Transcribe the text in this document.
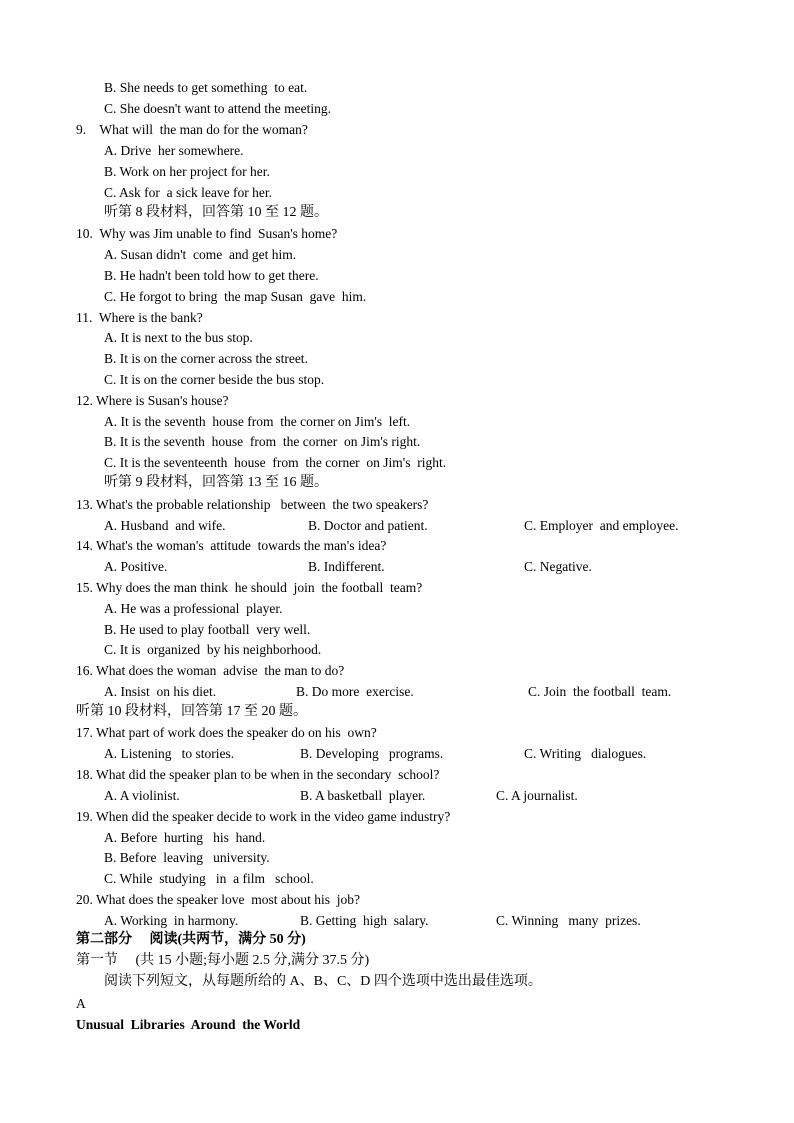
B. She needs to get something  to eat.
C. She doesn't want to attend the meeting.
9.    What will  the man do for the woman?
A. Drive  her somewhere.
B. Work on her project for her.
C. Ask for  a sick leave for her.
听第 8 段材料，回答第 10 至 12 题。
10.  Why was Jim unable to find  Susan's home?
A. Susan didn't  come  and get him.
B. He hadn't been told how to get there.
C. He forgot to bring  the map Susan  gave  him.
11.  Where is the bank?
A. It is next to the bus stop.
B. It is on the corner across the street.
C. It is on the corner beside the bus stop.
12. Where is Susan's house?
A. It is the seventh  house from  the corner on Jim's  left.
B. It is the seventh  house  from  the corner  on Jim's right.
C. It is the seventeenth  house  from  the corner  on Jim's  right.
听第 9 段材料，回答第 13 至 16 题。
13. What's the probable relationship   between  the two speakers?
A. Husband  and wife.	B. Doctor and patient.	C. Employer  and employee.
14. What's the woman's  attitude  towards the man's idea?
A. Positive.	B. Indifferent.	C. Negative.
15. Why does the man think  he should  join  the football  team?
A. He was a professional  player.
B. He used to play football  very well.
C. It is  organized  by his neighborhood.
16. What does the woman  advise  the man to do?
A. Insist  on his diet.	B. Do more  exercise.	C. Join  the football  team.
听第 10 段材料，回答第 17 至 20 题。
17. What part of work does the speaker do on his  own?
A. Listening   to stories.	B. Developing   programs.	C. Writing   dialogues.
18. What did the speaker plan to be when in the secondary  school?
A. A violinist.	B. A basketball  player.	C. A journalist.
19. When did the speaker decide to work in the video game industry?
A. Before  hurting   his  hand.
B. Before  leaving   university.
C. While  studying   in  a film   school.
20. What does the speaker love  most about his  job?
A. Working  in harmony.	B. Getting  high  salary.	C. Winning   many  prizes.
第二部分     阅读(共两节，满分 50 分)
第一节     (共 15 小题;每小题 2.5 分,满分 37.5 分)
阅读下列短文，从每题所给的 A、B、C、D 四个选项中选出最佳选项。
A
Unusual  Libraries  Around  the World
